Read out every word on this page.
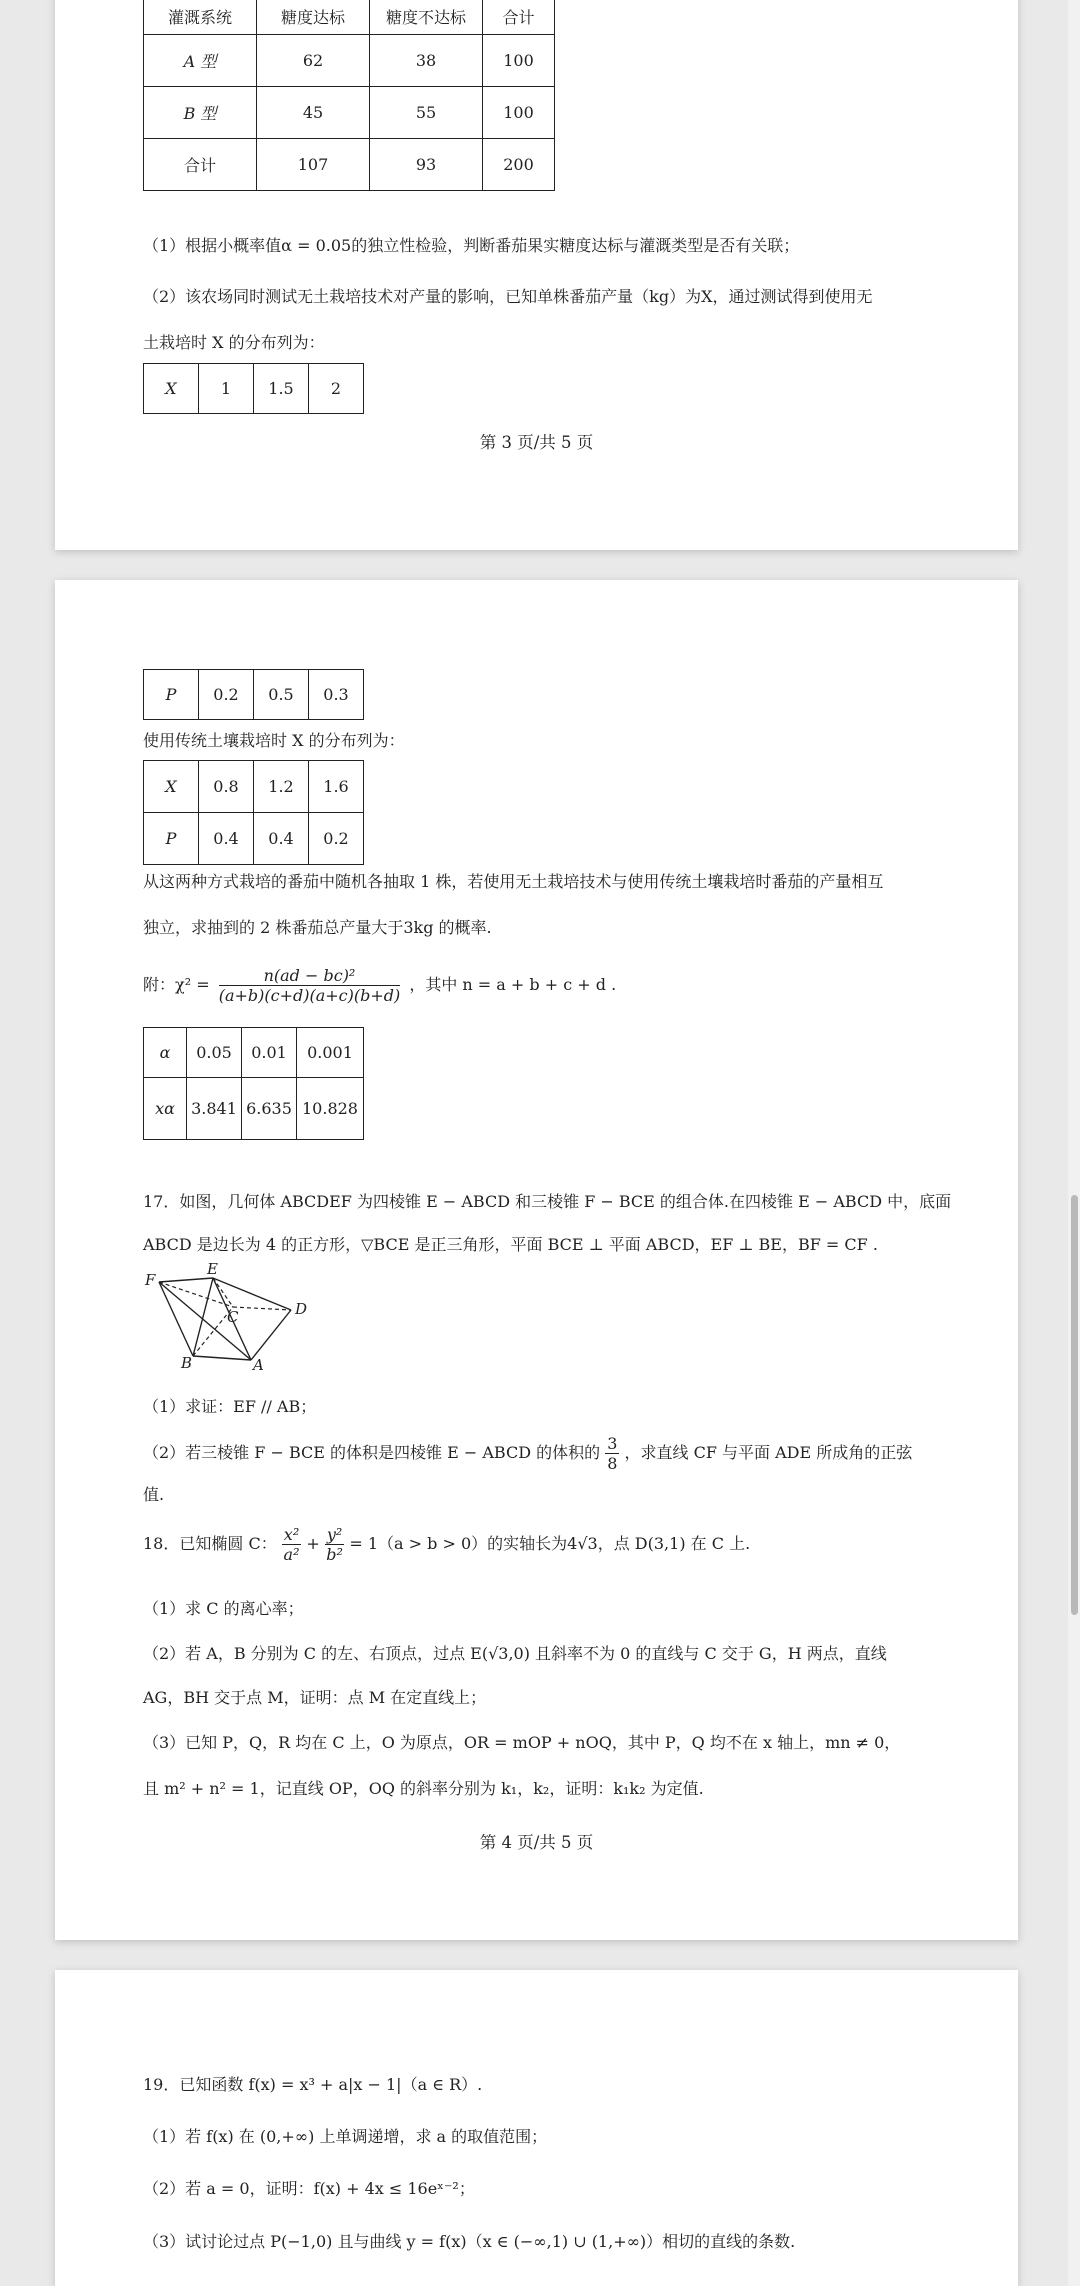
灌溉系统	糖度达标	糖度不达标	合计
A 型	62	38	100
B 型	45	55	100
合计	107	93	200
（1）根据小概率值α = 0.05的独立性检验，判断番茄果实糖度达标与灌溉类型是否有关联；
（2）该农场同时测试无土栽培技术对产量的影响，已知单株番茄产量（kg）为X，通过测试得到使用无
土栽培时 X 的分布列为：
X	1	1.5	2
第 3 页/共 5 页
P	0.2	0.5	0.3
使用传统土壤栽培时 X 的分布列为：
X	0.8	1.2	1.6
P	0.4	0.4	0.2
从这两种方式栽培的番茄中随机各抽取 1 株，若使用无土栽培技术与使用传统土壤栽培时番茄的产量相互
独立，求抽到的 2 株番茄总产量大于3kg 的概率.
附：$\chi^2 = \frac{\text{n(ad − bc)²}}{(a+b)(c+d)(a+c)(b+d)}$ ，其中 n = a + b + c + d .
α	0.05	0.01	0.001
xα	3.841	6.635	10.828
17．如图，几何体 ABCDEF 为四棱锥 E − ABCD 和三棱锥 F − BCE 的组合体.在四棱锥 E − ABCD 中，底面
ABCD 是边长为 4 的正方形，▽BCE 是正三角形，平面 BCE ⊥ 平面 ABCD，EF ⊥ BE，BF = CF .
F
E
D
C
B	A
（1）求证：EF // AB；
（2）若三棱锥 F − BCE 的体积是四棱锥 E − ABCD 的体积的 $\frac{3}{8}$ ，求直线 CF 与平面 ADE 所成角的正弦
值.
18．已知椭圆 C： $\frac{\text{x²}}{\text{a²}} + \frac{\text{y²}}{\text{b²}} = 1(a > b > 0)$的实轴长为4√3，点 D(3,1) 在 C 上.
（1）求 C 的离心率；
（2）若 A，B 分别为 C 的左、右顶点，过点 E(√3,0) 且斜率不为 0 的直线与 C 交于 G，H 两点，直线
AG，BH 交于点 M，证明：点 M 在定直线上；
（3）已知 P，Q，R 均在 C 上，O 为原点，OR = mOP + nOQ，其中 P，Q 均不在 x 轴上，mn ≠ 0，
且 m² + n² = 1，记直线 OP，OQ 的斜率分别为 k₁，k₂，证明：k₁k₂ 为定值.
第 4 页/共 5 页
19．已知函数 f(x) = x³ + a|x − 1|（a ∈ R）.
（1）若 f(x) 在 (0,+∞) 上单调递增，求 a 的取值范围；
（2）若 a = 0，证明：f(x) + 4x ≤ 16eˣ⁻²；
（3）试讨论过点 P(−1,0) 且与曲线 y = f(x)（x ∈ (−∞,1) ∪ (1,+∞)）相切的直线的条数.
